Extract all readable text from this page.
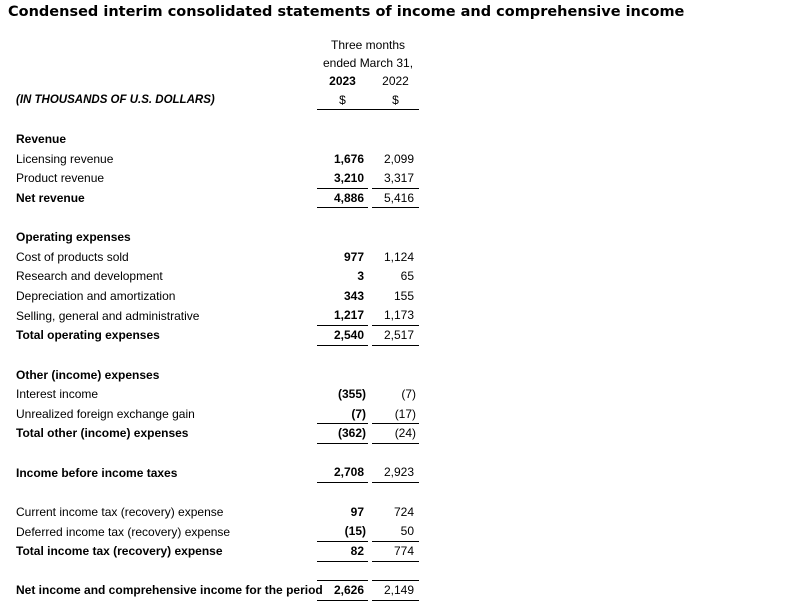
Condensed interim consolidated statements of income and comprehensive income
	Three months		
	ended March 31,		
	2023		2022
(IN THOUSANDS OF U.S. DOLLARS)	$		$

Revenue			
Licensing revenue	1,676		2,099
Product revenue	3,210		3,317
Net revenue	4,886		5,416

Operating expenses			
Cost of products sold	977		1,124
Research and development	3		65
Depreciation and amortization	343		155
Selling, general and administrative	1,217		1,173
Total operating expenses	2,540		2,517

Other (income) expenses			
Interest income	(355)		(7)
Unrealized foreign exchange gain	(7)		(17)
Total other (income) expenses	(362)		(24)

Income before income taxes	2,708		2,923

Current income tax (recovery) expense	97		724
Deferred income tax (recovery) expense	(15)		50
Total income tax (recovery) expense	82		774

Net income and comprehensive income for the period	2,626		2,149
